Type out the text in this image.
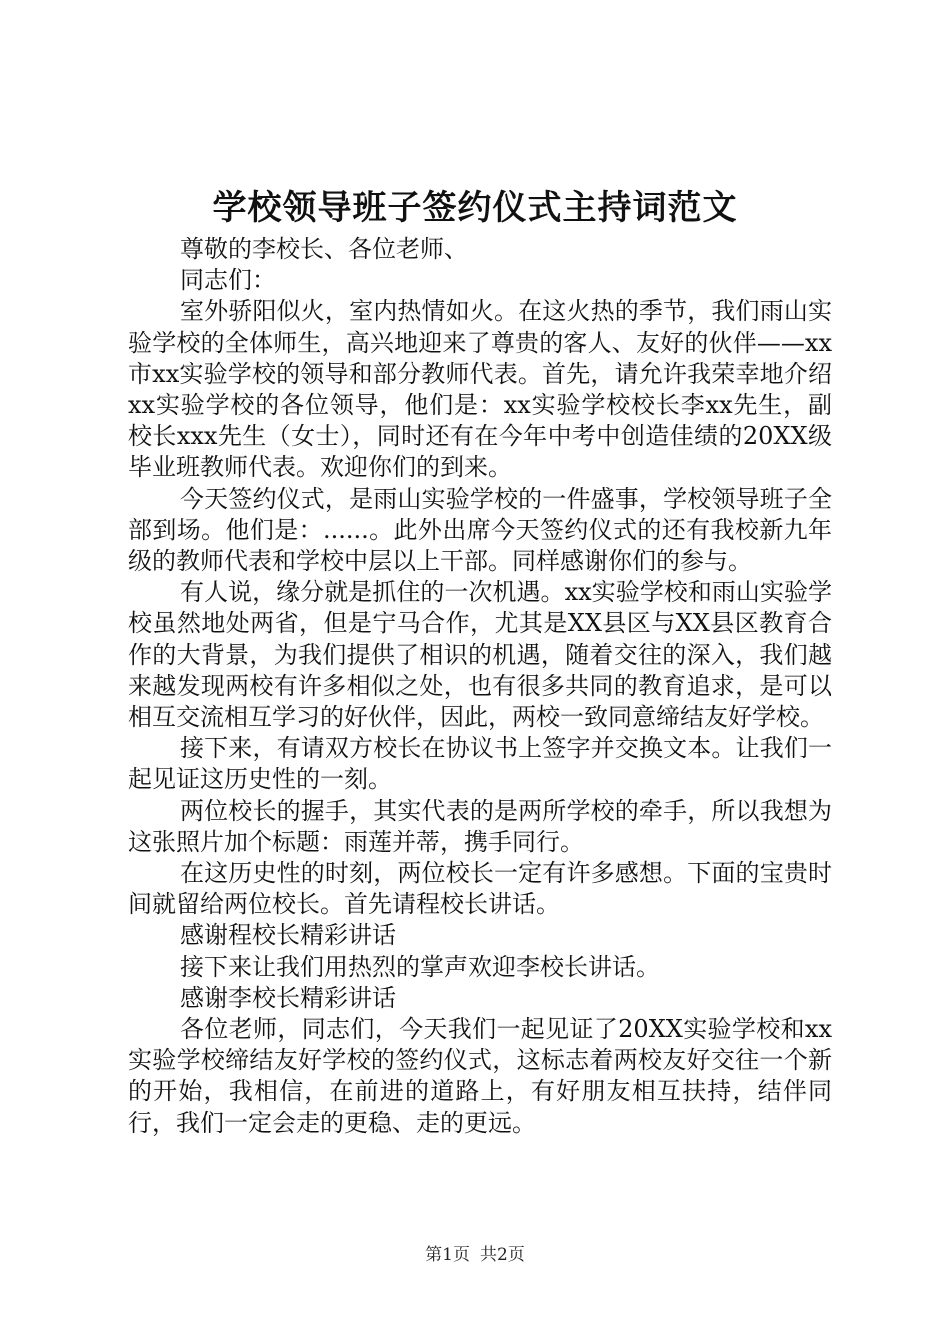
学校领导班子签约仪式主持词范文

尊敬的李校长、各位老师、

同志们：

室外骄阳似火，室内热情如火。在这火热的季节，我们雨山实验学校的全体师生，高兴地迎来了尊贵的客人、友好的伙伴——xx市xx实验学校的领导和部分教师代表。首先，请允许我荣幸地介绍xx实验学校的各位领导，他们是：xx实验学校校长李xx先生，副校长xxx先生（女士），同时还有在今年中考中创造佳绩的20XX级毕业班教师代表。欢迎你们的到来。

今天签约仪式，是雨山实验学校的一件盛事，学校领导班子全部到场。他们是：......。此外出席今天签约仪式的还有我校新九年级的教师代表和学校中层以上干部。同样感谢你们的参与。

有人说，缘分就是抓住的一次机遇。xx实验学校和雨山实验学校虽然地处两省，但是宁马合作，尤其是XX县区与XX县区教育合作的大背景，为我们提供了相识的机遇，随着交往的深入，我们越来越发现两校有许多相似之处，也有很多共同的教育追求，是可以相互交流相互学习的好伙伴，因此，两校一致同意缔结友好学校。

接下来，有请双方校长在协议书上签字并交换文本。让我们一起见证这历史性的一刻。

两位校长的握手，其实代表的是两所学校的牵手，所以我想为这张照片加个标题：雨莲并蒂，携手同行。

在这历史性的时刻，两位校长一定有许多感想。下面的宝贵时间就留给两位校长。首先请程校长讲话。

感谢程校长精彩讲话

接下来让我们用热烈的掌声欢迎李校长讲话。

感谢李校长精彩讲话

各位老师，同志们，今天我们一起见证了20XX实验学校和xx实验学校缔结友好学校的签约仪式，这标志着两校友好交往一个新的开始，我相信，在前进的道路上，有好朋友相互扶持，结伴同行，我们一定会走的更稳、走的更远。

第1页 共2页
